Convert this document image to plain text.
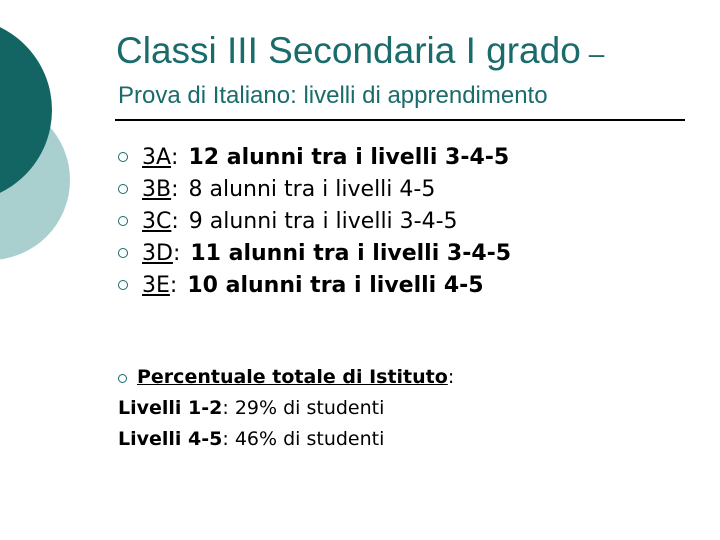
Classi III Secondaria I grado –
Prova di Italiano: livelli di apprendimento
3A : 12 alunni tra i livelli 3-4-5
3B : 8 alunni tra i livelli 4-5
3C : 9 alunni tra i livelli 3-4-5
3D : 11 alunni tra i livelli 3-4-5
3E : 10 alunni tra i livelli 4-5
Percentuale totale di Istituto:
Livelli 1-2: 29% di studenti
Livelli 4-5: 46% di studenti
